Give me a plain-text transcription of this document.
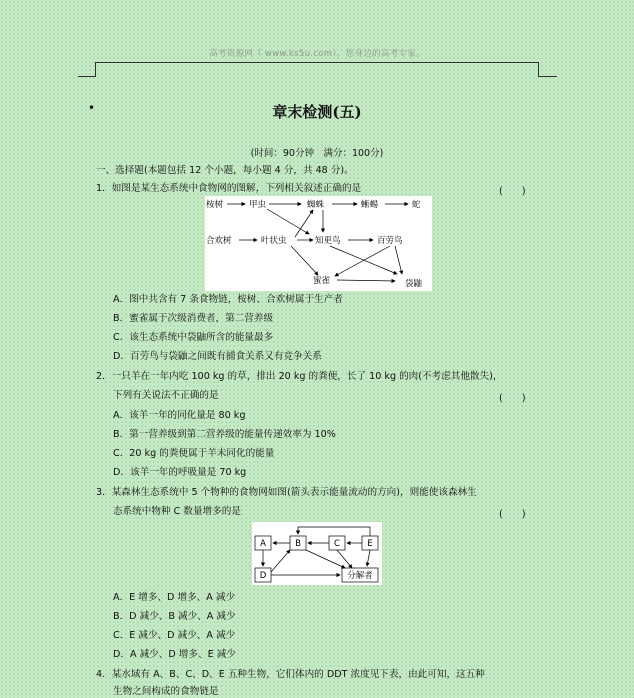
高考资源网（ www.ks5u.com），您身边的高考专家。
•	章末检测(五)
(时间：90分钟　满分：100分)
一、选择题(本题包括 12 个小题，每小题 4 分，共 48 分)。
1．如图是某生态系统中食物网的图解，下列相关叙述正确的是	(　　)
桉树	甲虫	蜘蛛	蜥蜴	蛇
合欢树	叶状虫	知更鸟	百劳鸟
蜜雀	袋鼬
A．图中共含有 7 条食物链，桉树、合欢树属于生产者
B．蜜雀属于次级消费者，第二营养级
C．该生态系统中袋鼬所含的能量最多
D．百劳鸟与袋鼬之间既有捕食关系又有竞争关系
2．一只羊在一年内吃 100 kg 的草，排出 20 kg 的粪便，长了 10 kg 的肉(不考虑其他散失)，
下列有关说法不正确的是	(　　)
A．该羊一年的同化量是 80 kg
B．第一营养级到第二营养级的能量传递效率为 10%
C．20 kg 的粪便属于羊未同化的能量
D．该羊一年的呼吸量是 70 kg
3．某森林生态系统中 5 个物种的食物网如图(箭头表示能量流动的方向)，则能使该森林生
态系统中物种 C 数量增多的是	(　　)
A	B	C	E
D	分解者
A．E 增多、D 增多、A 减少
B．D 减少、B 减少、A 减少
C．E 减少、D 减少、A 减少
D．A 减少、D 增多、E 减少
4．某水域有 A、B、C、D、E 五种生物，它们体内的 DDT 浓度见下表，由此可知，这五种
生物之间构成的食物链是
